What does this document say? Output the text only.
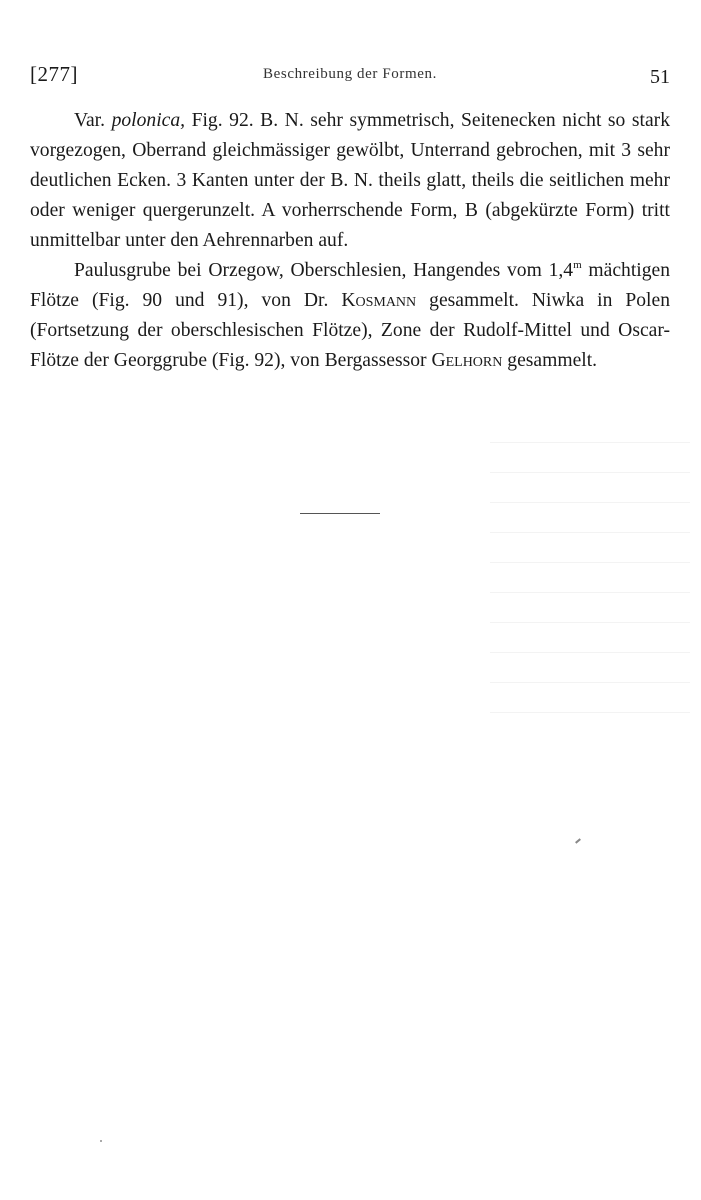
[277]	Beschreibung der Formen.	51

Var. polonica, Fig. 92. B. N. sehr symmetrisch, Seitenecken nicht so stark vorgezogen, Oberrand gleichmässiger gewölbt, Unterrand gebrochen, mit 3 sehr deutlichen Ecken. 3 Kanten unter der B. N. theils glatt, theils die seitlichen mehr oder weniger quergerunzelt. A vorherrschende Form, B (abgekürzte Form) tritt unmittelbar unter den Aehrennarben auf.

Paulusgrube bei Orzegow, Oberschlesien, Hangendes vom 1,4$^m$ mächtigen Flötze (Fig. 90 und 91), von Dr. Kosmann gesammelt. Niwka in Polen (Fortsetzung der oberschlesischen Flötze), Zone der Rudolf-Mittel und Oscar-Flötze der Georggrube (Fig. 92), von Bergassessor Gelhorn gesammelt.
